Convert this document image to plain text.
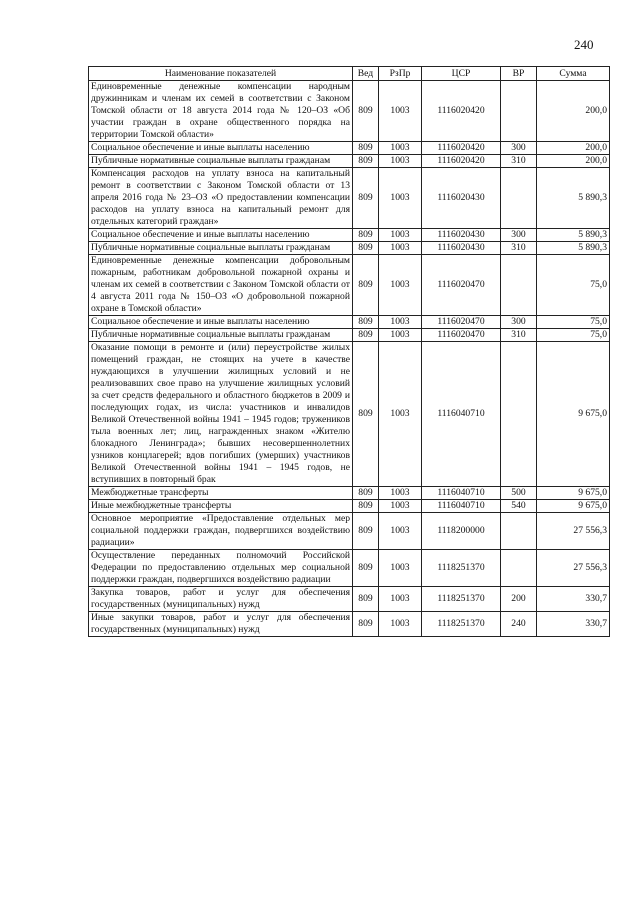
240
Наименование показателей	Вед	РзПр	ЦСР	ВР	Сумма
Единовременные денежные компенсации народным дружинникам и членам их семей в соответствии с Законом Томской области от 18 августа 2014 года № 120–ОЗ «Об участии граждан в охране общественного порядка на территории Томской области»	809	1003	1116020420		200,0
Социальное обеспечение и иные выплаты населению	809	1003	1116020420	300	200,0
Публичные нормативные социальные выплаты гражданам	809	1003	1116020420	310	200,0
Компенсация расходов на уплату взноса на капитальный ремонт в соответствии с Законом Томской области от 13 апреля 2016 года № 23–ОЗ «О предоставлении компенсации расходов на уплату взноса на капитальный ремонт для отдельных категорий граждан»	809	1003	1116020430		5 890,3
Социальное обеспечение и иные выплаты населению	809	1003	1116020430	300	5 890,3
Публичные нормативные социальные выплаты гражданам	809	1003	1116020430	310	5 890,3
Единовременные денежные компенсации добровольным пожарным, работникам добровольной пожарной охраны и членам их семей в соответствии с Законом Томской области от 4 августа 2011 года № 150–ОЗ «О добровольной пожарной охране в Томской области»	809	1003	1116020470		75,0
Социальное обеспечение и иные выплаты населению	809	1003	1116020470	300	75,0
Публичные нормативные социальные выплаты гражданам	809	1003	1116020470	310	75,0
Оказание помощи в ремонте и (или) переустройстве жилых помещений граждан, не стоящих на учете в качестве нуждающихся в улучшении жилищных условий и не реализовавших свое право на улучшение жилищных условий за счет средств федерального и областного бюджетов в 2009 и последующих годах, из числа: участников и инвалидов Великой Отечественной войны 1941 – 1945 годов; тружеников тыла военных лет; лиц, награжденных знаком «Жителю блокадного Ленинграда»; бывших несовершеннолетних узников концлагерей; вдов погибших (умерших) участников Великой Отечественной войны 1941 – 1945 годов, не вступивших в повторный брак	809	1003	1116040710		9 675,0
Межбюджетные трансферты	809	1003	1116040710	500	9 675,0
Иные межбюджетные трансферты	809	1003	1116040710	540	9 675,0
Основное мероприятие «Предоставление отдельных мер социальной поддержки граждан, подвергшихся воздействию радиации»	809	1003	1118200000		27 556,3
Осуществление переданных полномочий Российской Федерации по предоставлению отдельных мер социальной поддержки граждан, подвергшихся воздействию радиации	809	1003	1118251370		27 556,3
Закупка товаров, работ и услуг для обеспечения государственных (муниципальных) нужд	809	1003	1118251370	200	330,7
Иные закупки товаров, работ и услуг для обеспечения государственных (муниципальных) нужд	809	1003	1118251370	240	330,7
